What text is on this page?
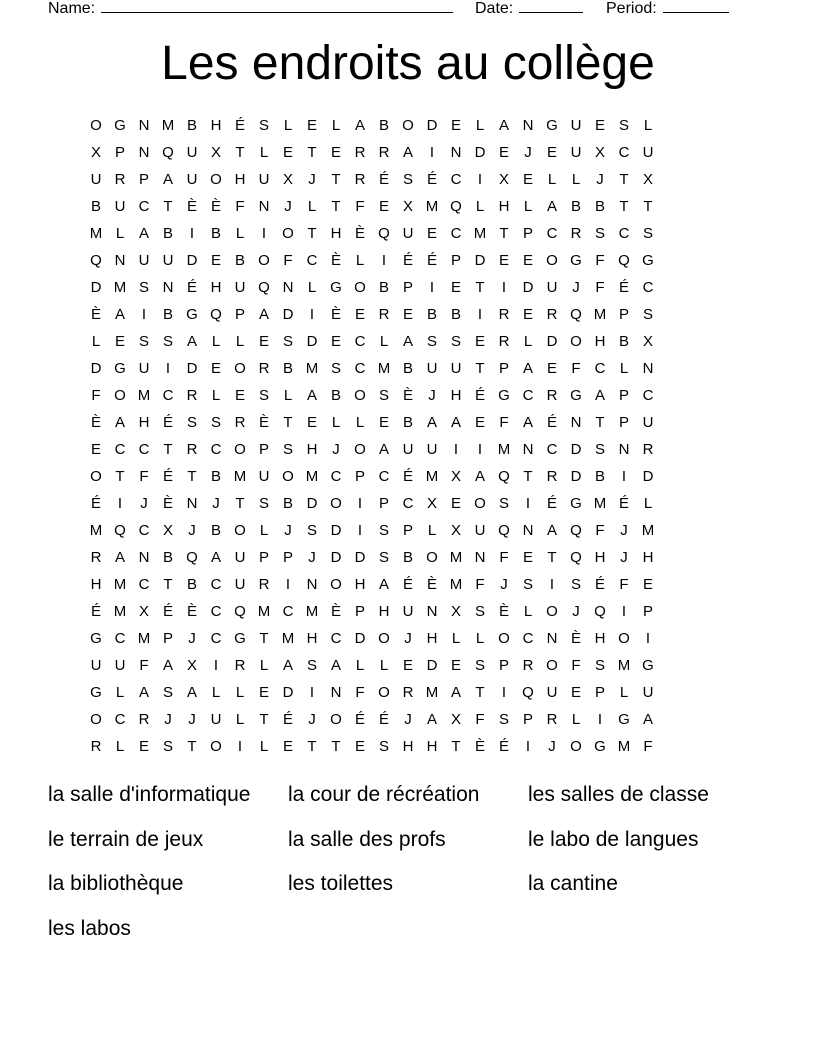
Name:	Date:	Period:
Les endroits au collège
O G N M B H É S L E L A B O D E L A N G U E S L
X P N Q U X T	L E T E R R A	I	N D E	J	E U X C U
U R P A U O H U X	J	T R É S É C	I	X E L	L	J	T X
B U C T È È F N J	L	T F E X M Q L H L A B B T T
M L A B	I	B L	I	O T H È Q U E C M T P C R S C S
Q N U U D E B O F C È L	I	É É P D E E O G F Q G
D M S N É H U Q N L G O B P	I	E T	I	D U J	F É C
È A	I	B G Q P A D	I	È E R E B B	I	R E R Q M P S
L E S S A L	L E S D E C L A S S E R L D O H B X
D G U	I	D E O R B M S C M B U U T P A E F C L N
F O M C R L E S L A B O S È	J H É G C R G A P C
È A H É S S R È T E L	L E B A A E F A É N T P U
E C C T R C O P S H J O A U U	I	I	M N C D S N R
O T F É T B M U O M C P C É M X A Q T R D B	I	D
É	I	J	È N J	T S B D O	I	P C X E O S	I	É G M É L
M Q C X	J	B O L	J	S D	I	S P L X U Q N A Q F	J M
R A N B Q A U P P	J D D S B O M N F E T Q H J H
H M C T B C U R	I	N O H A É È M F	J	S	I	S É F E
É M X É È C Q M C M È P H U N X S È L O J Q	I	P
G C M P	J C G T M H C D O J H L	L O C N È H O	I
U U F A X	I	R L A S A L	L E D E S P R O F S M G
G L A S A L	L E D	I	N F O R M A T	I	Q U E P L U
O C R J	J U L	T É	J O É É	J	A X F S P R L	I	G A
R L E S T O	I	L E T T E S H H T È É	I	J O G M F
la salle d'informatique	la cour de récréation	les salles de classe
le terrain de jeux	la salle des profs	le labo de langues
la bibliothèque	les toilettes	la cantine
les labos
